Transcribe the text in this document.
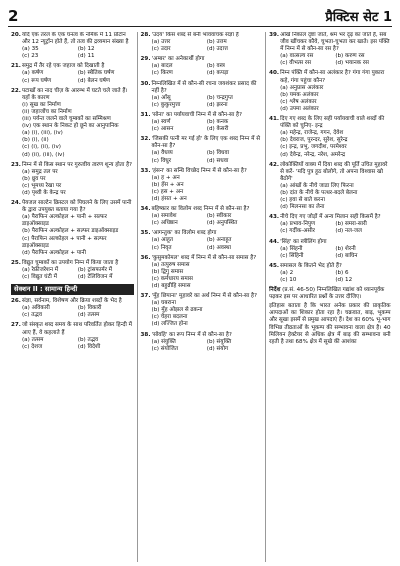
2	प्रैक्टिस सेट 1
20. यदि एक तरल के एक घनत्व के नमिक में 11 प्रोटॉन और 12 न्यूट्रॉन होते हैं, तो तत्व की द्रव्यमान संख्या है
(a) 35	(b) 12
(c) 23	(d) 11
21. समुद्र में तैर रहे एक जहाज को दिखाती है
(a) कर्षण	(b) स्थैतिक घर्षण
(c) रूप घर्षण	(d) बेलन घर्षण
22. पटाखों का नाद चीज़ के आरम्भ में घटते चले जाते हैं। यहाँ के कारण
(i) सूख का निर्माण
(ii) जहाजोंच का निर्माण
(iii) पर्यन्त जलने वाले चुम्बकों का सम्मिश्रण
(iv) एक स्थान के निकट हो छूने का आनुपानिक
(a) (i), (iii), (iv)
(b) (i), (ii)
(c) (i), (ii), (iv)
(d) (ii), (iii), (iv)
23. निम्न में से किस स्थान पर गुरुत्वीय त्वरण शून्य होता है?
(a) समुद्र तल पर
(b) ध्रुव पर
(c) भूमध्य रेखा पर
(d) पृथ्वी के केन्द्र पर
24. पेयजल साल्टेन क्रिस्टल को पिघलने के लिए उसमें पानी के द्वारा उपयुक्त बताया गया है?
(a) पैराफिन अल्कोहल + पानी + सल्फर डाइऑक्साइड
(b) पैराफिन अल्कोहल + सल्फर डाइऑक्साइड
(c) पैराफिन अल्कोहल + पानी + सल्फर डाइऑक्साइड
(d) पैराफिन अल्कोहल + पानी
25. विद्युत चुम्बकों का उपयोग निम्न में किया जाता है
(a) रेफ्रीजरेशन में	(b) ट्रांसफार्मर में
(c) विद्युत घंटी में	(d) टेलिविजन में
सेक्शन II : सामान्य हिन्दी
26. संज्ञा, सर्वनाम, विशेषण और क्रिया शब्दों के भेद है
(a) अविकारी	(b) विकारी
(c) तद्भव	(d) तत्सम
27. जो संस्कृत शब्द समय के साथ परिवर्तित होकर हिन्दी में आए हैं, वे कहलाते हैं
(a) तत्सम	(b) तद्भव
(c) देशज	(d) विदेशी
28. 'उदय' किस शब्द से बनी भाववाचक संज्ञा है
(a) उत्तर	(b) उत्तम
(c) उदार	(d) उदात्त
29. 'अम्बर' का अनेकार्थी होगा
(a) बादल	(b) वस्त्र
(c) किरण	(d) कपड़ा
30. निम्नलिखित में से कौन-सी रचना जयशंकर प्रसाद की नहीं है?
(a) आँसू	(b) चन्द्रगुप्त
(c) कुकुरमुत्ता	(d) झरना
31. 'सोना' का पर्यायवाची निम्न में से कौन-सा है?
(a) स्वर्ण	(b) कनक
(c) आसन	(d) केसरी
32. 'जिसकी पत्नी मर गई हो' के लिए एक शब्द निम्न में से कौन-सा है?
(a) वैधव्य	(b) विधवा
(c) विधुर	(d) सधवा
33. 'हंसन' का सन्धि विच्छेद निम्न में से कौन-सा है?
(a) ह + अन
(b) हँस + अन
(c) हस + अन
(d) हंसत + अन
34. बहिष्कार का विलोम शब्द निम्न में से कौन-सा है?
(a) समावेश	(b) स्वीकार
(c) अधिष्ठान	(d) अनुपस्थित
35. 'आगन्तुक' का विलोम शब्द होगा
(a) आहूत	(b) अनाहूत
(c) निवृत	(d) अवस्था
36. 'कुसुमकोमल' शब्द में निम्न में से कौन-सा समास है?
(a) तत्पुरुष समास
(b) द्विगु समास
(c) कर्मधारय समास
(d) बहुव्रीहि समास
37. 'मुँह छिपाना' मुहावरे का अर्थ निम्न में से कौन-सा है?
(a) घबराना
(b) मुँह ओझल से ढकना
(c) चेहरा बदलना
(d) लज्जित होना
38. 'सोवहि' का रूप निम्न में से कौन-सा है?
(a) संयुक्ति	(b) संयुक्ति
(c) संयोजित	(d) संयोग
39. आँखें निकाल दृष्टा जाते, श्रम भर दृढ़ का जाते हैं, सब जीव खींचकर कौवे, चुभता-चुभता कर खाते। इस पंक्ति में निम्न में से कौन-सा रस है?
(a) वात्सल्य रस	(b) करुण रस
(c) वीभत्स रस	(d) भयानक रस
40. निम्न पंक्ति में कौन-सा अलंकार है? गंगा गंगा पुकारा कहे, गंगा पहुंचा कौन?
(a) अनुप्रास अलंकार
(b) यमक अलंकार
(c) श्लेष अलंकार
(d) उपमा अलंकार
41. दिए गए शब्द के लिए सही पर्यायवाची वाले शब्दों की पंक्ति को चुनिए- इन्द्र
(a) महेन्द्र, राजेन्द्र, गगन, देवेश
(b) देवराज, पुरन्दर, सुरेश, सुरेन्द्र
(c) इन्द्र, प्रभु, जगदीश, परमेश्वर
(d) देवेन्द्र, नरेन्द्र, नरेश, अमरेन्द्र
42. लोकोक्तियों वाक्य में दिया शब्द की पूर्ति उचित मुहावरे से करें- 'मदि पुत्र हूठ बोलोगे, तो अपना विश्वास खो बैठोगे'
(a) आंखों के नीचे जाडा लिए फिरना
(b) दांत के नीचे के पत्थर-बदले बेलना
(c) हवा से बाते करना
(d) मिलनसा का लेना
43. नीचे दिए गए जोड़ों में अन्य मिलान सही किसमें है?
(a) प्रभाव-निपुण	(b) समरा-सारी
(c) गर्दीक-असीर	(d) नल-जल
44. 'सिंह' का स्त्रीलिंग होगा
(a) सिंहनी	(b) शेरनी
(c) सिंहिनी	(d) बाघिन
45. समासल के कितने भेद होते हैं?
(a) 2	(b) 6
(c) 10	(d) 12
निर्देश (प्र.सं. 46-50) निम्नलिखित गद्यांश को ध्यानपूर्वक पढ़कर इस पर आधारित प्रश्नों के उत्तर दीजिए।
इतिहास बताता है कि भारत अनेक प्रकार की प्राकृतिक आपदाओं का शिकार होता रहा है। चक्रवात, बाढ़, भूकम्प और सूखा इसमें से प्रमुख आपदाएं हैं। देश का 60% भू-भाग विभिन्न तीव्रताओं के भूकम्प की सम्भावना वाला क्षेत्र है। 40 मिलियन हेक्टेयर से अधिक क्षेत्र में बाढ़ की सम्भावना बनी रहती है तथा 68% क्षेत्र में सूखे की आशंका
